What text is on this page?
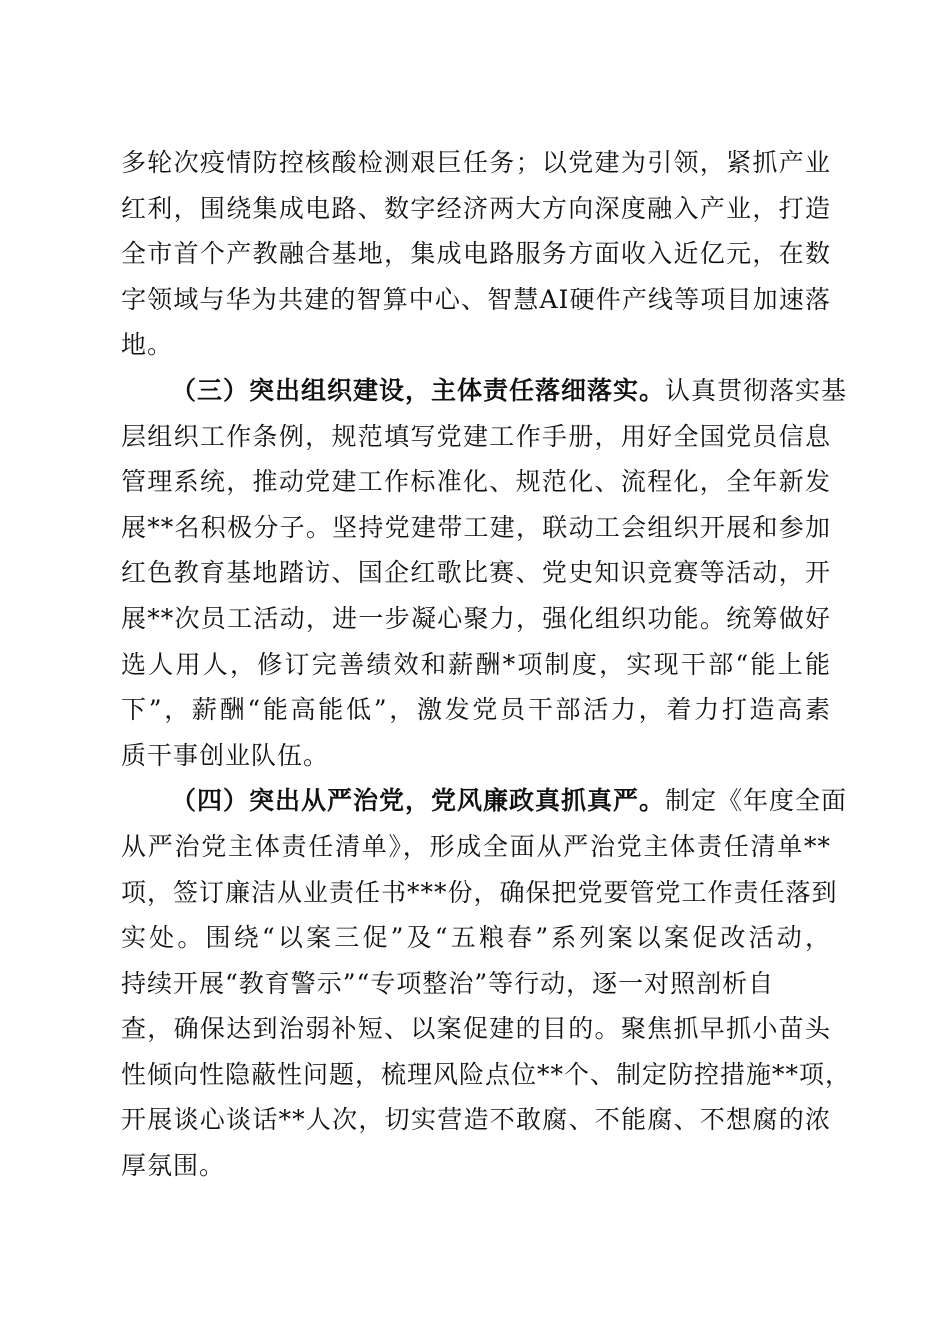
多轮次疫情防控核酸检测艰巨任务；以党建为引领，紧抓产业
红利，围绕集成电路、数字经济两大方向深度融入产业，打造
全市首个产教融合基地，集成电路服务方面收入近亿元，在数
字领域与华为共建的智算中心、智慧AI硬件产线等项目加速落
地。
（三）突出组织建设，主体责任落细落实。认真贯彻落实基
层组织工作条例，规范填写党建工作手册，用好全国党员信息
管理系统，推动党建工作标准化、规范化、流程化，全年新发
展**名积极分子。坚持党建带工建，联动工会组织开展和参加
红色教育基地踏访、国企红歌比赛、党史知识竞赛等活动，开
展**次员工活动，进一步凝心聚力，强化组织功能。统筹做好
选人用人，修订完善绩效和薪酬*项制度，实现干部“能上能
下”，薪酬“能高能低”，激发党员干部活力，着力打造高素
质干事创业队伍。
（四）突出从严治党，党风廉政真抓真严。制定《年度全面
从严治党主体责任清单》，形成全面从严治党主体责任清单**
项，签订廉洁从业责任书***份，确保把党要管党工作责任落到
实处。围绕“以案三促”及“五粮春”系列案以案促改活动，
持续开展“教育警示”“专项整治”等行动，逐一对照剖析自
查，确保达到治弱补短、以案促建的目的。聚焦抓早抓小苗头
性倾向性隐蔽性问题，梳理风险点位**个、制定防控措施**项，
开展谈心谈话**人次，切实营造不敢腐、不能腐、不想腐的浓
厚氛围。
